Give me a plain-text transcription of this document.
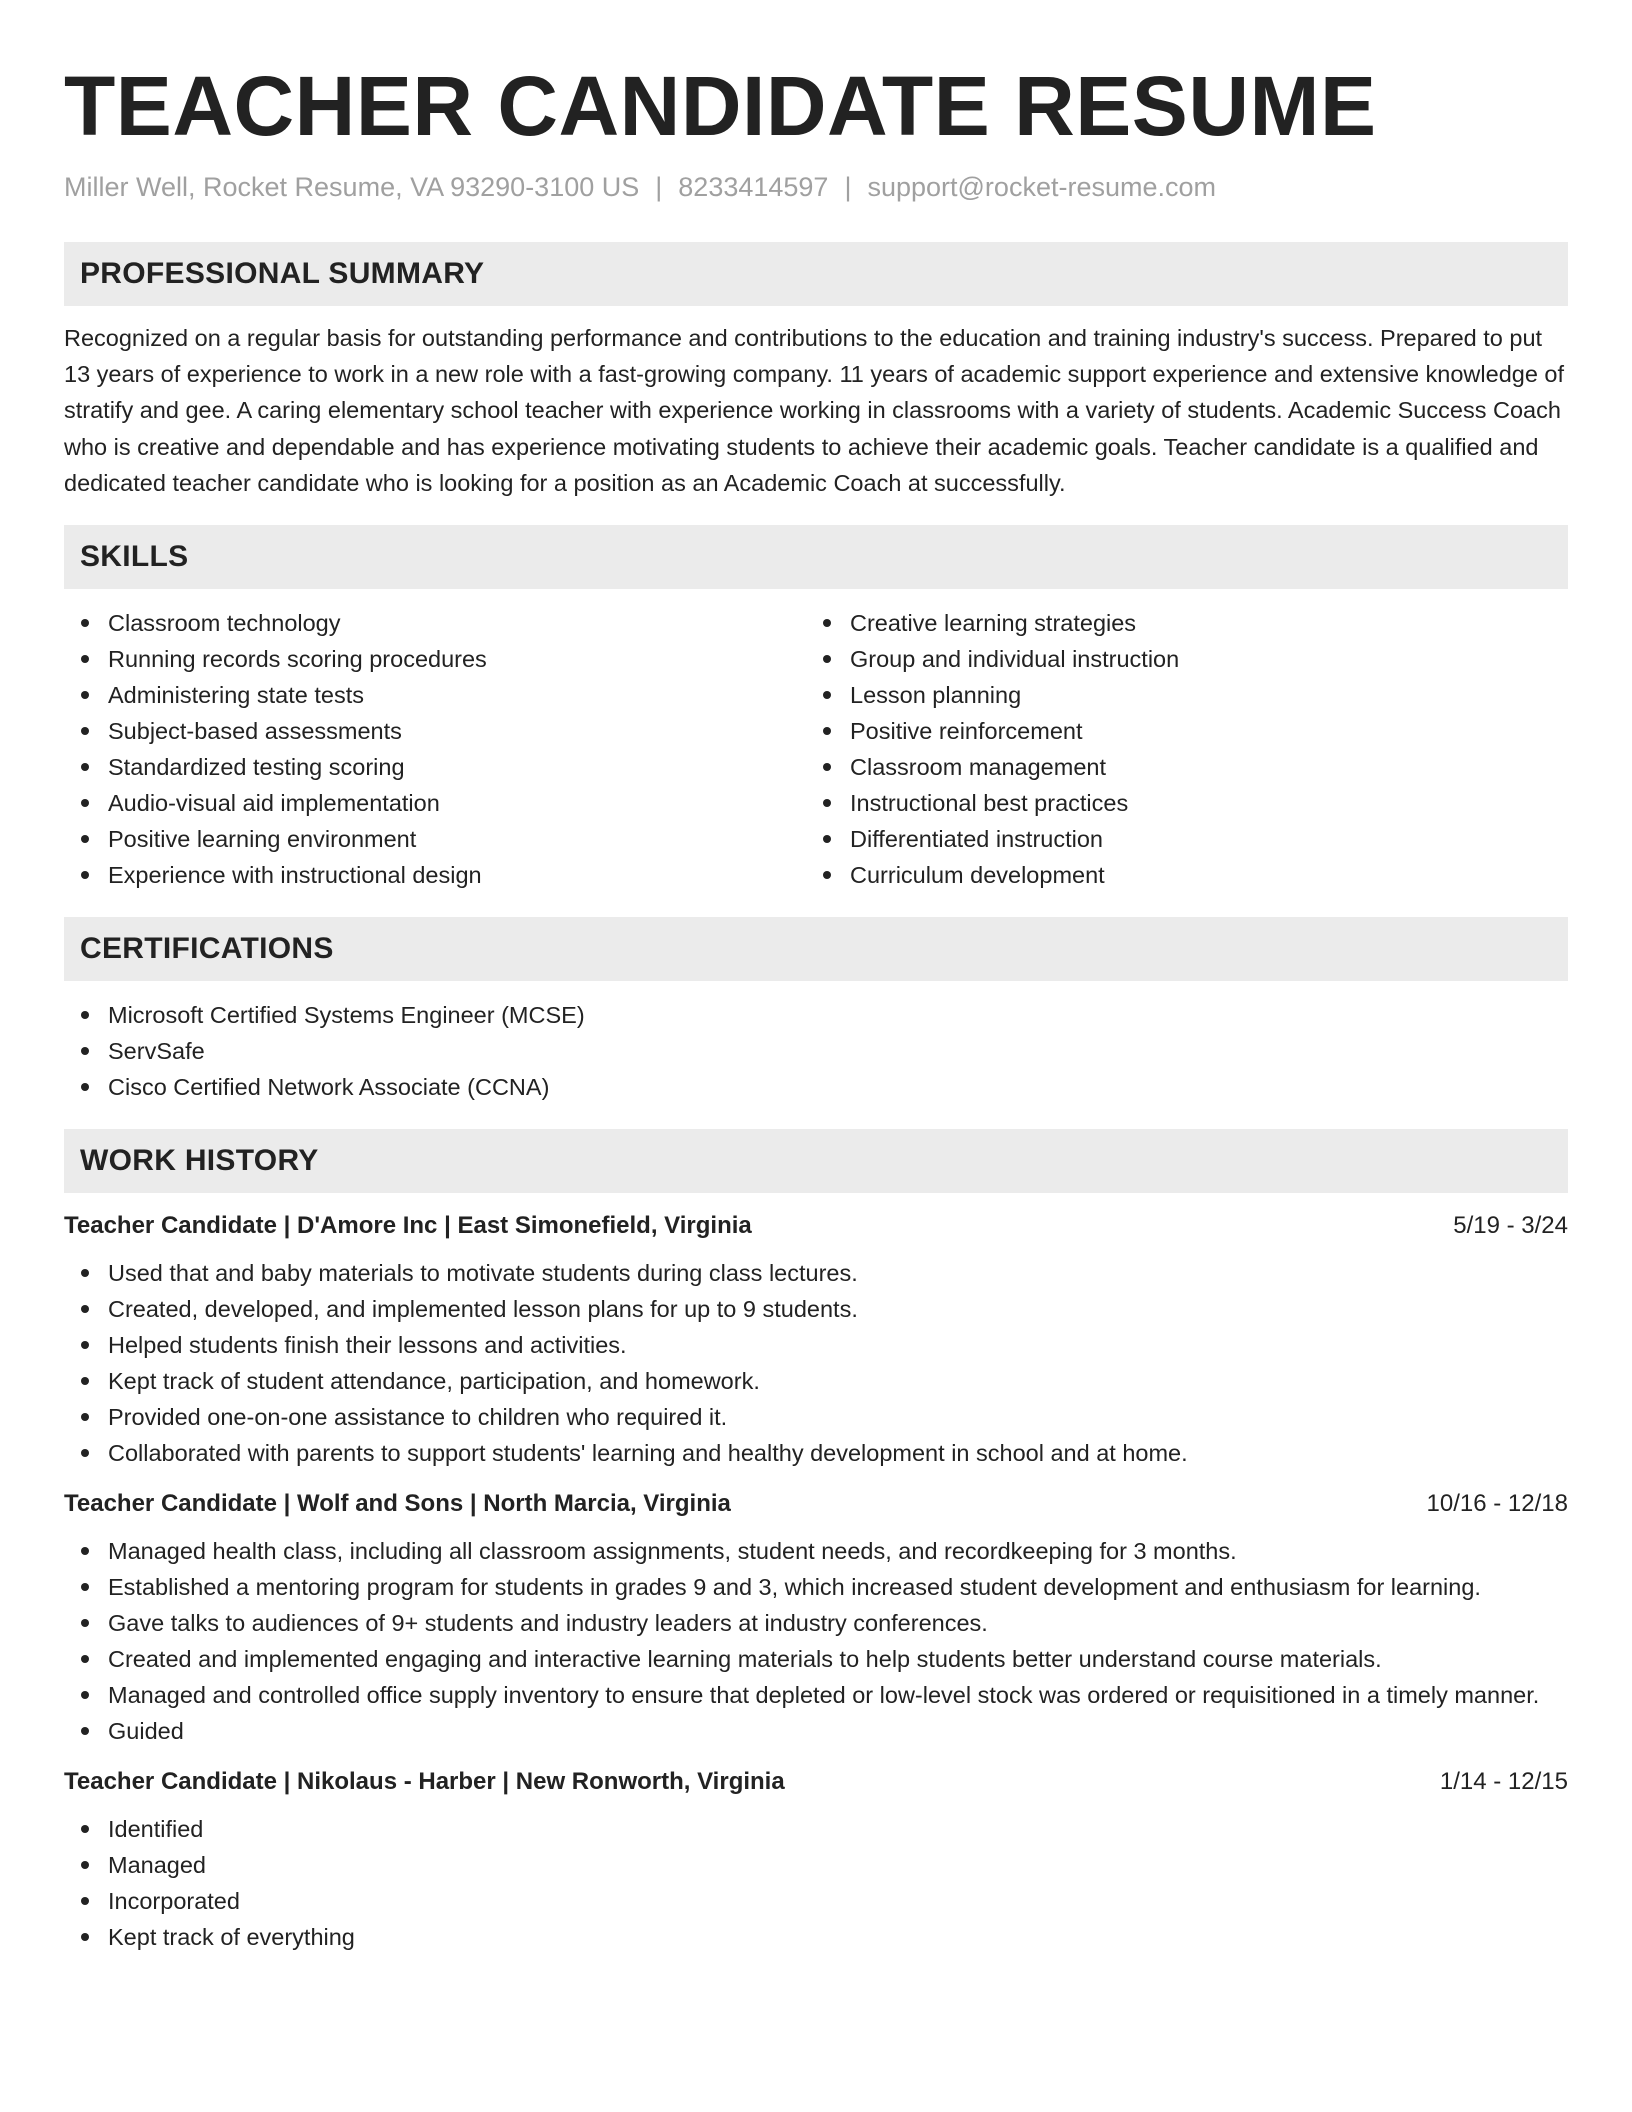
TEACHER CANDIDATE RESUME
Miller Well, Rocket Resume, VA 93290-3100 US | 8233414597 | support@rocket-resume.com
PROFESSIONAL SUMMARY

Recognized on a regular basis for outstanding performance and contributions to the education and training industry's success. Prepared to put 13 years of experience to work in a new role with a fast-growing company. 11 years of academic support experience and extensive knowledge of stratify and gee. A caring elementary school teacher with experience working in classrooms with a variety of students. Academic Success Coach who is creative and dependable and has experience motivating students to achieve their academic goals. Teacher candidate is a qualified and dedicated teacher candidate who is looking for a position as an Academic Coach at successfully.

SKILLS
Classroom technology
Running records scoring procedures
Administering state tests
Subject-based assessments
Standardized testing scoring
Audio-visual aid implementation
Positive learning environment
Experience with instructional design
Creative learning strategies
Group and individual instruction
Lesson planning
Positive reinforcement
Classroom management
Instructional best practices
Differentiated instruction
Curriculum development
CERTIFICATIONS
Microsoft Certified Systems Engineer (MCSE)
ServSafe
Cisco Certified Network Associate (CCNA)
WORK HISTORY
Teacher Candidate | D'Amore Inc | East Simonefield, Virginia	5/19 - 3/24
Used that and baby materials to motivate students during class lectures.
Created, developed, and implemented lesson plans for up to 9 students.
Helped students finish their lessons and activities.
Kept track of student attendance, participation, and homework.
Provided one-on-one assistance to children who required it.
Collaborated with parents to support students' learning and healthy development in school and at home.
Teacher Candidate | Wolf and Sons | North Marcia, Virginia	10/16 - 12/18
Managed health class, including all classroom assignments, student needs, and recordkeeping for 3 months.
Established a mentoring program for students in grades 9 and 3, which increased student development and enthusiasm for learning.
Gave talks to audiences of 9+ students and industry leaders at industry conferences.
Created and implemented engaging and interactive learning materials to help students better understand course materials.
Managed and controlled office supply inventory to ensure that depleted or low-level stock was ordered or requisitioned in a timely manner.
Guided
Teacher Candidate | Nikolaus - Harber | New Ronworth, Virginia	1/14 - 12/15
Identified
Managed
Incorporated
Kept track of everything
